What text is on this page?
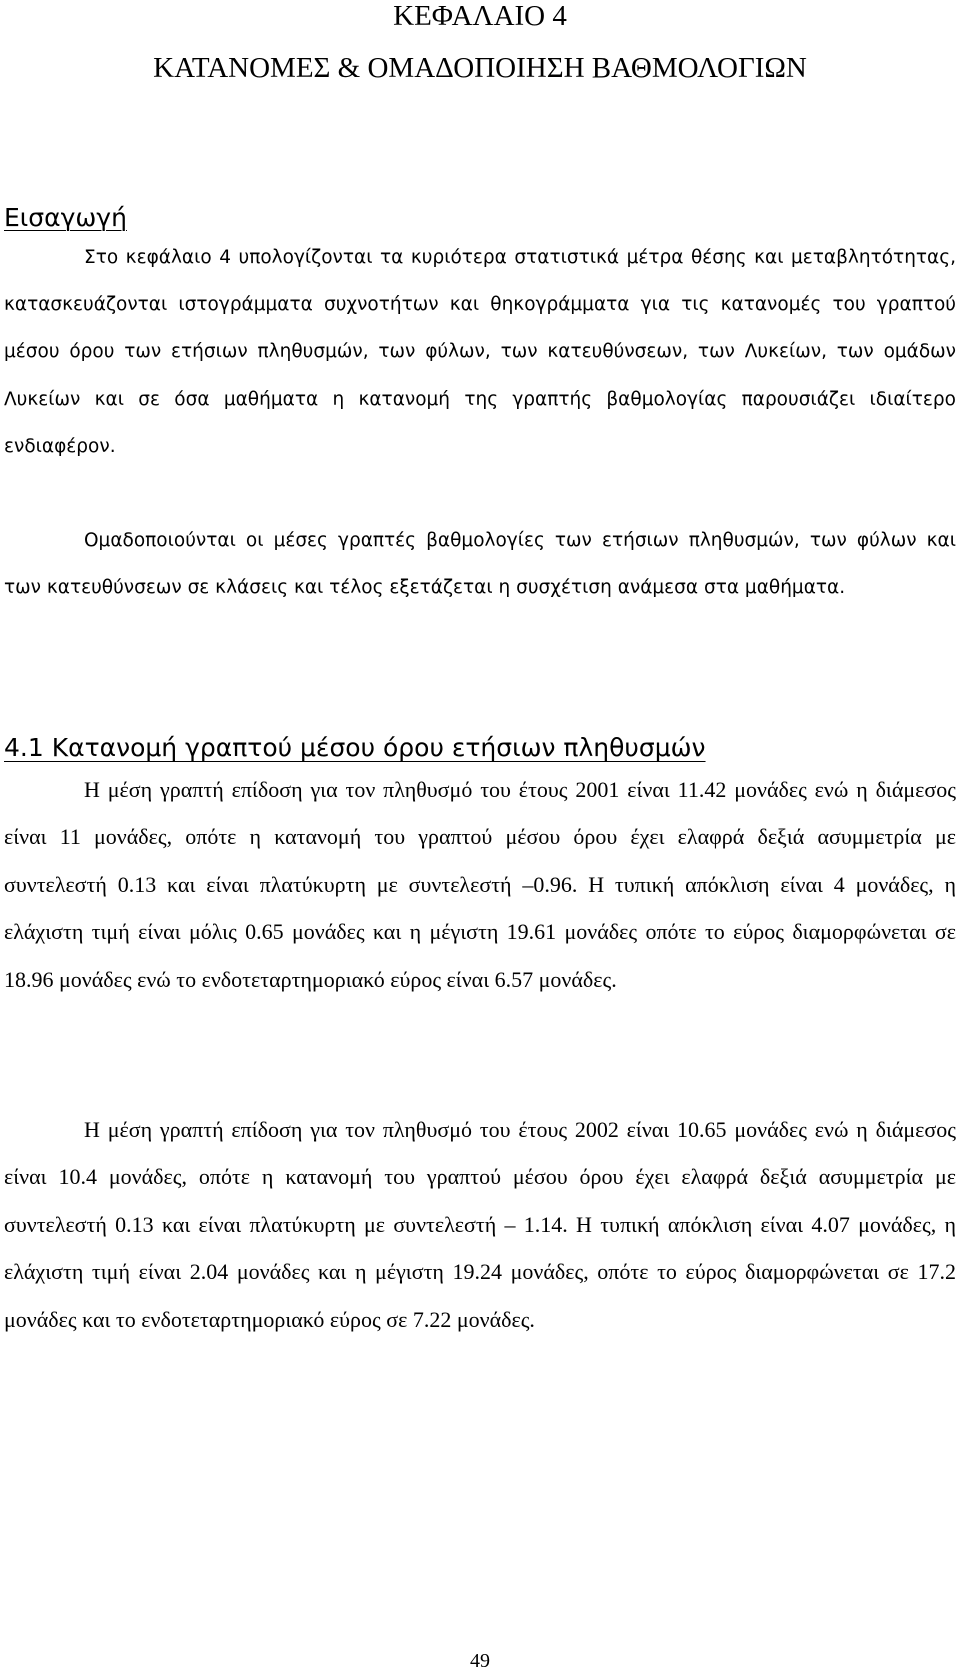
ΚΕΦΑΛΑΙΟ 4
ΚΑΤΑΝΟΜΕΣ & ΟΜΑΔΟΠΟΙΗΣΗ ΒΑΘΜΟΛΟΓΙΩΝ
Εισαγωγή

Στο κεφάλαιο 4 υπολογίζονται τα κυριότερα στατιστικά μέτρα θέσης και μεταβλητότητας, κατασκευάζονται ιστογράμματα συχνοτήτων και θηκογράμματα για τις κατανομές του γραπτού μέσου όρου των ετήσιων πληθυσμών, των φύλων, των κατευθύνσεων, των Λυκείων, των ομάδων Λυκείων και σε όσα μαθήματα η κατανομή της γραπτής βαθμολογίας παρουσιάζει ιδιαίτερο ενδιαφέρον.

Ομαδοποιούνται οι μέσες γραπτές βαθμολογίες των ετήσιων πληθυσμών, των φύλων και των κατευθύνσεων σε κλάσεις και τέλος εξετάζεται η συσχέτιση ανάμεσα στα μαθήματα.

4.1 Κατανομή γραπτού μέσου όρου ετήσιων πληθυσμών

Η μέση γραπτή επίδοση για τον πληθυσμό του έτους 2001 είναι 11.42 μονάδες ενώ η διάμεσος είναι 11 μονάδες, οπότε η κατανομή του γραπτού μέσου όρου έχει ελαφρά δεξιά ασυμμετρία με συντελεστή 0.13 και είναι πλατύκυρτη με συντελεστή –0.96. Η τυπική απόκλιση είναι 4 μονάδες, η ελάχιστη τιμή είναι μόλις 0.65 μονάδες και η μέγιστη 19.61 μονάδες οπότε το εύρος διαμορφώνεται σε 18.96 μονάδες ενώ το ενδοτεταρτημοριακό εύρος είναι 6.57 μονάδες.

Η μέση γραπτή επίδοση για τον πληθυσμό του έτους 2002 είναι 10.65 μονάδες ενώ η διάμεσος είναι 10.4 μονάδες, οπότε η κατανομή του γραπτού μέσου όρου έχει ελαφρά δεξιά ασυμμετρία με συντελεστή 0.13 και είναι πλατύκυρτη με συντελεστή – 1.14. Η τυπική απόκλιση είναι 4.07 μονάδες, η ελάχιστη τιμή είναι 2.04 μονάδες και η μέγιστη 19.24 μονάδες, οπότε το εύρος διαμορφώνεται σε 17.2 μονάδες και το ενδοτεταρτημοριακό εύρος σε 7.22 μονάδες.

49
